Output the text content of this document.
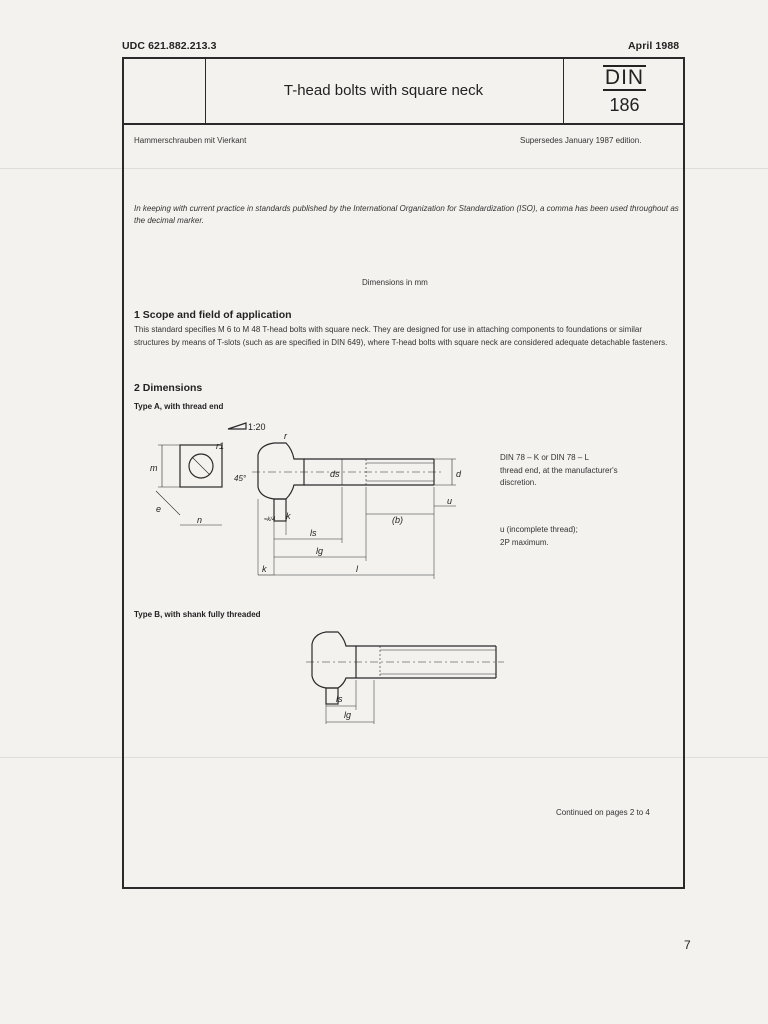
UDC 621.882.213.3	April 1988
T-head bolts with square neck
DIN
186
Hammerschrauben mit Vierkant	Supersedes January 1987 edition.
In keeping with current practice in standards published by the International Organization for Standardization (ISO), a comma has been used throughout as the decimal marker.
Dimensions in mm
1 Scope and field of application
This standard specifies M 6 to M 48 T-head bolts with square neck. They are designed for use in attaching components to foundations or similar structures by means of T-slots (such as are specified in DIN 649), where T-head bolts with square neck are considered adequate detachable fasteners.
2 Dimensions
Type A, with thread end
1:20
m
e
n
r1
r
45°	ds	d
u
(b)
k
ls
lg
l
k
≈k/4
DIN 78 – K or DIN 78 – L
thread end, at the manufacturer's
discretion.
u (incomplete thread);
2P maximum.
Type B, with shank fully threaded
ls
lg
Continued on pages 2 to 4
7
